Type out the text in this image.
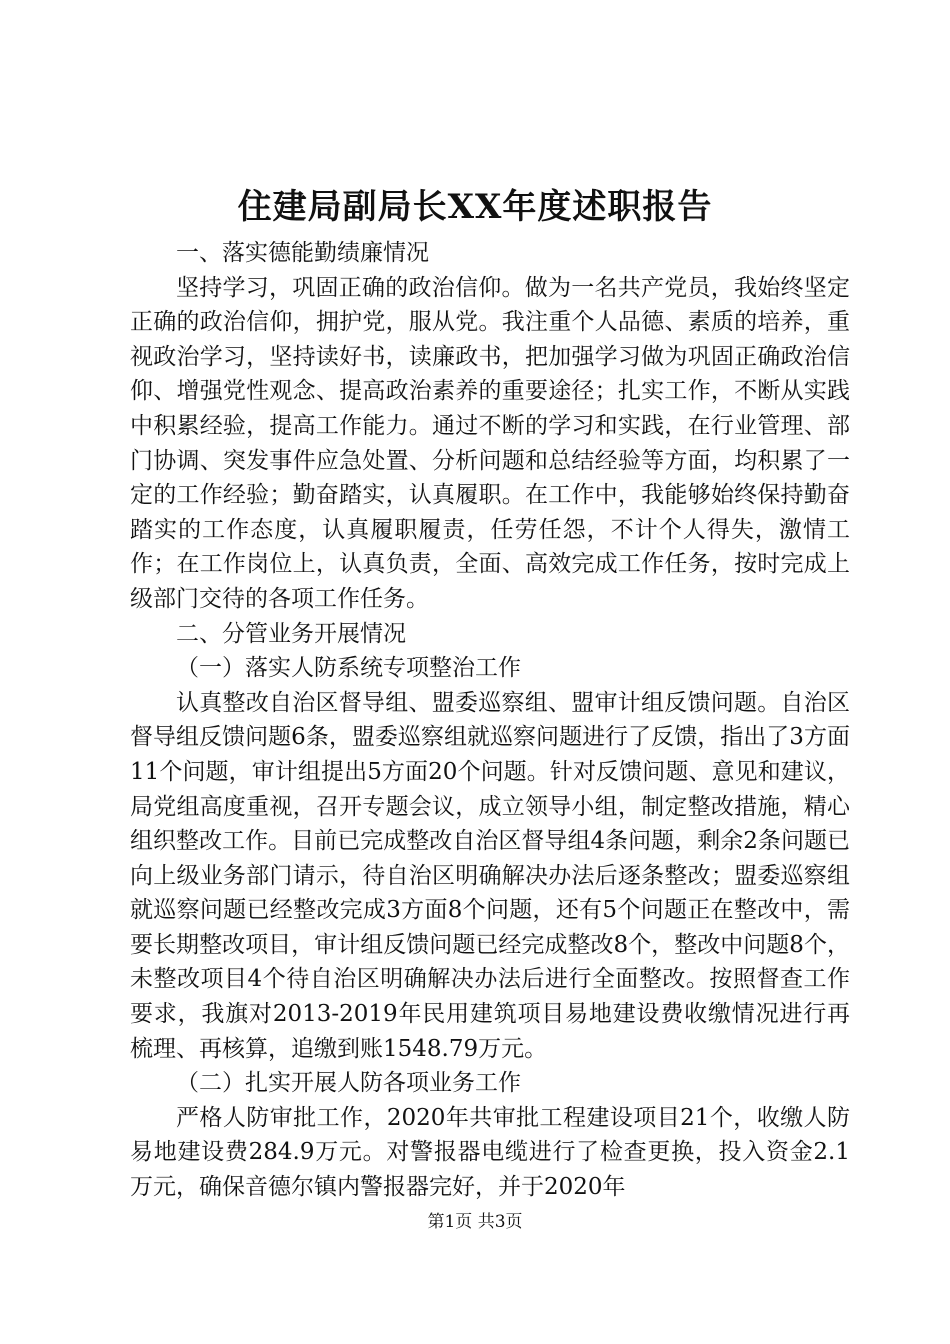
住建局副局长XX年度述职报告

一、落实德能勤绩廉情况

坚持学习，巩固正确的政治信仰。做为一名共产党员，我始终坚定正确的政治信仰，拥护党，服从党。我注重个人品德、素质的培养，重视政治学习，坚持读好书，读廉政书，把加强学习做为巩固正确政治信仰、增强党性观念、提高政治素养的重要途径；扎实工作，不断从实践中积累经验，提高工作能力。通过不断的学习和实践，在行业管理、部门协调、突发事件应急处置、分析问题和总结经验等方面，均积累了一定的工作经验；勤奋踏实，认真履职。在工作中，我能够始终保持勤奋踏实的工作态度，认真履职履责，任劳任怨，不计个人得失，激情工作；在工作岗位上，认真负责，全面、高效完成工作任务，按时完成上级部门交待的各项工作任务。

二、分管业务开展情况

（一）落实人防系统专项整治工作

认真整改自治区督导组、盟委巡察组、盟审计组反馈问题。自治区督导组反馈问题6条，盟委巡察组就巡察问题进行了反馈，指出了3方面11个问题，审计组提出5方面20个问题。针对反馈问题、意见和建议，局党组高度重视，召开专题会议，成立领导小组，制定整改措施，精心组织整改工作。目前已完成整改自治区督导组4条问题，剩余2条问题已向上级业务部门请示，待自治区明确解决办法后逐条整改；盟委巡察组就巡察问题已经整改完成3方面8个问题，还有5个问题正在整改中，需要长期整改项目，审计组反馈问题已经完成整改8个，整改中问题8个，未整改项目4个待自治区明确解决办法后进行全面整改。按照督查工作要求，我旗对2013-2019年民用建筑项目易地建设费收缴情况进行再梳理、再核算，追缴到账1548.79万元。

（二）扎实开展人防各项业务工作

严格人防审批工作，2020年共审批工程建设项目21个，收缴人防易地建设费284.9万元。对警报器电缆进行了检查更换，投入资金2.1万元，确保音德尔镇内警报器完好，并于2020年

第1页 共3页
